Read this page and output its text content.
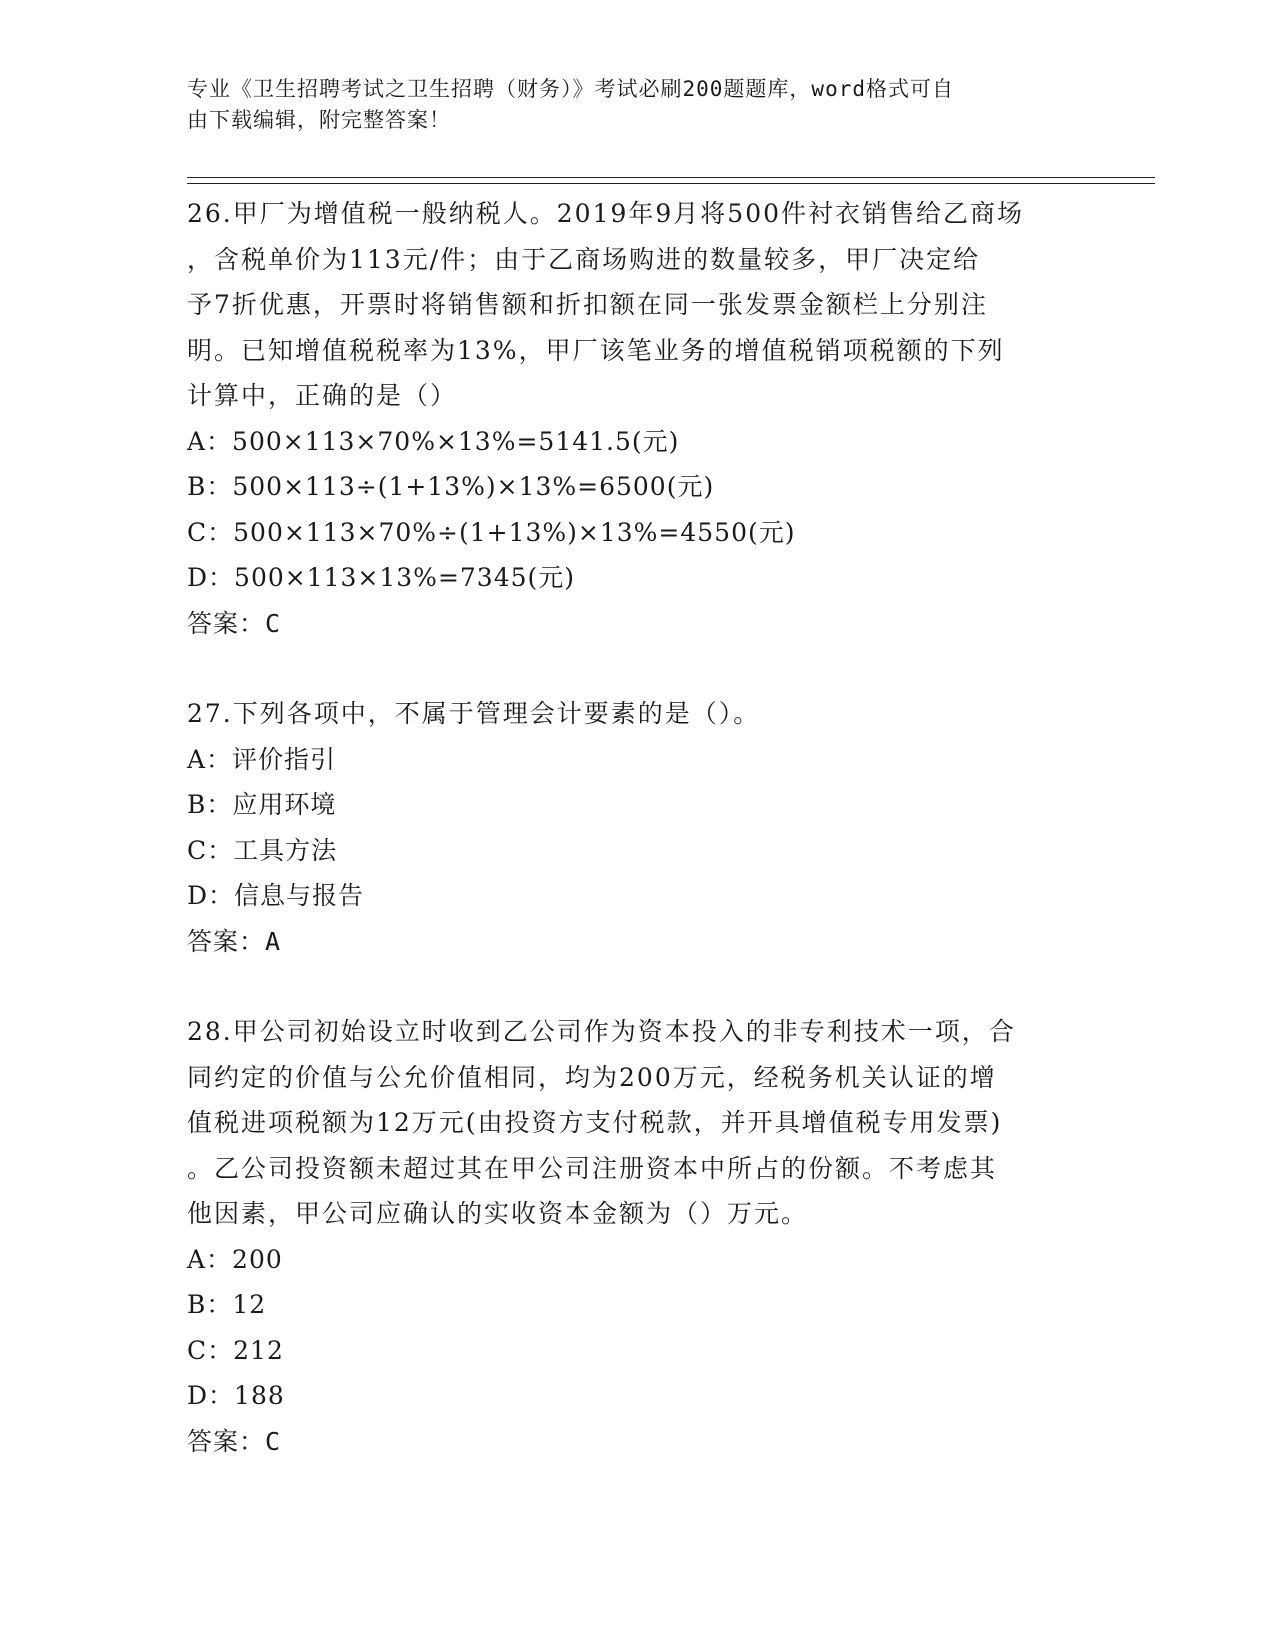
专业《卫生招聘考试之卫生招聘（财务）》考试必刷200题题库，word格式可自
由下载编辑，附完整答案！

26.甲厂为增值税一般纳税人。2019年9月将500件衬衣销售给乙商场

，含税单价为113元/件；由于乙商场购进的数量较多，甲厂决定给

予7折优惠，开票时将销售额和折扣额在同一张发票金额栏上分别注

明。已知增值税税率为13%，甲厂该笔业务的增值税销项税额的下列

计算中，正确的是（）

A：500×113×70%×13%=5141.5(元)

B：500×113÷(1+13%)×13%=6500(元)

C：500×113×70%÷(1+13%)×13%=4550(元)

D：500×113×13%=7345(元)

答案：C

27.下列各项中，不属于管理会计要素的是（）。

A：评价指引

B：应用环境

C：工具方法

D：信息与报告

答案：A

28.甲公司初始设立时收到乙公司作为资本投入的非专利技术一项，合

同约定的价值与公允价值相同，均为200万元，经税务机关认证的增

值税进项税额为12万元(由投资方支付税款，并开具增值税专用发票)

。乙公司投资额未超过其在甲公司注册资本中所占的份额。不考虑其

他因素，甲公司应确认的实收资本金额为（）万元。

A：200

B：12

C：212

D：188

答案：C
